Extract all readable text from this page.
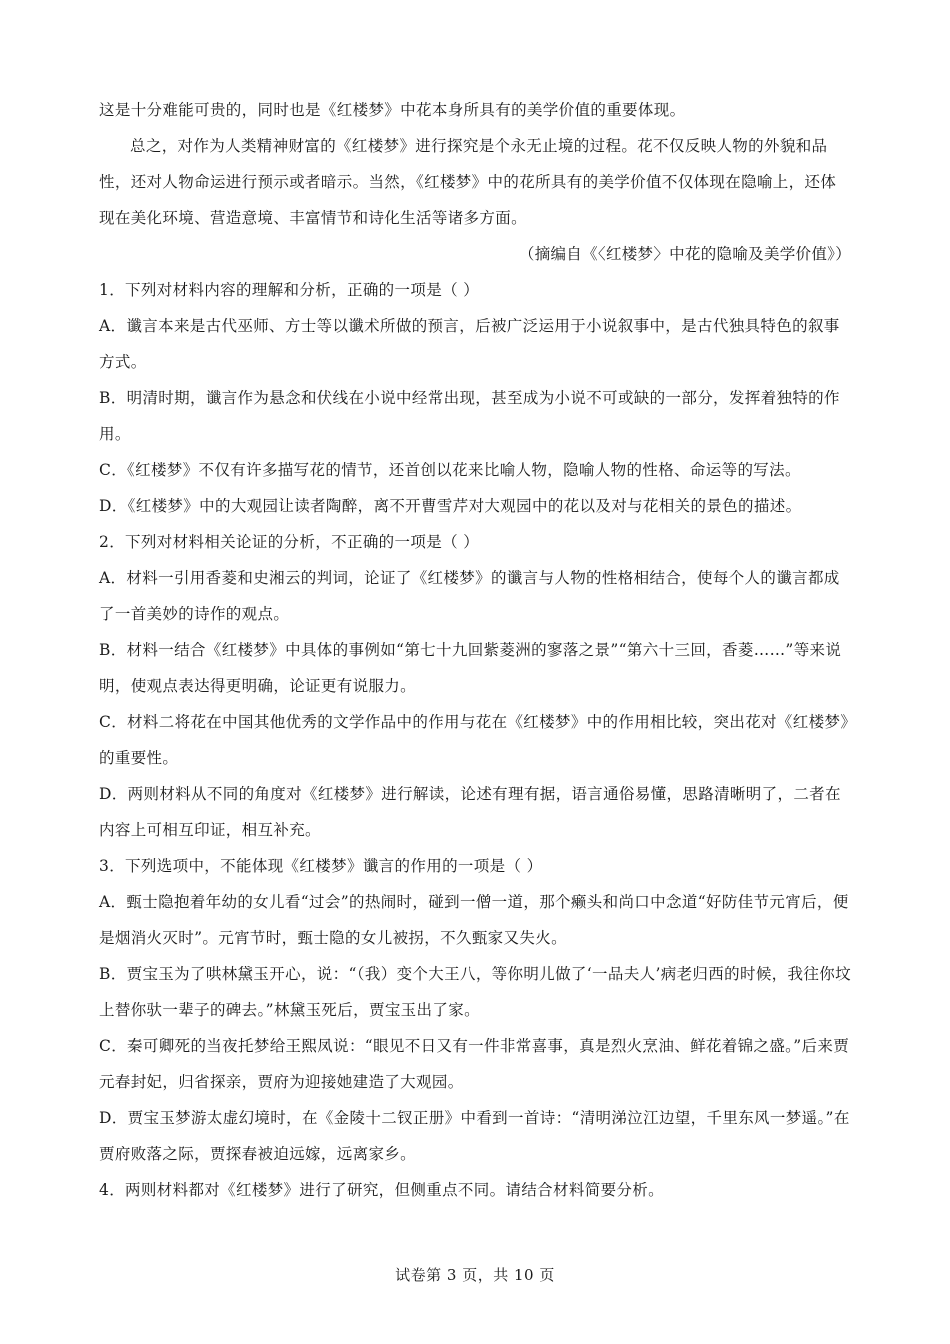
这是十分难能可贵的，同时也是《红楼梦》中花本身所具有的美学价值的重要体现。
总之，对作为人类精神财富的《红楼梦》进行探究是个永无止境的过程。花不仅反映人物的外貌和品性，还对人物命运进行预示或者暗示。当然，《红楼梦》中的花所具有的美学价值不仅体现在隐喻上，还体现在美化环境、营造意境、丰富情节和诗化生活等诸多方面。
（摘编自《〈红楼梦〉中花的隐喻及美学价值》）
1．下列对材料内容的理解和分析，正确的一项是（ ）
A．谶言本来是古代巫师、方士等以谶术所做的预言，后被广泛运用于小说叙事中，是古代独具特色的叙事方式。
B．明清时期，谶言作为悬念和伏线在小说中经常出现，甚至成为小说不可或缺的一部分，发挥着独特的作用。
C．《红楼梦》不仅有许多描写花的情节，还首创以花来比喻人物，隐喻人物的性格、命运等的写法。
D．《红楼梦》中的大观园让读者陶醉，离不开曹雪芹对大观园中的花以及对与花相关的景色的描述。
2．下列对材料相关论证的分析，不正确的一项是（ ）
A．材料一引用香菱和史湘云的判词，论证了《红楼梦》的谶言与人物的性格相结合，使每个人的谶言都成了一首美妙的诗作的观点。
B．材料一结合《红楼梦》中具体的事例如“第七十九回紫菱洲的寥落之景”“第六十三回，香菱……”等来说明，使观点表达得更明确，论证更有说服力。
C．材料二将花在中国其他优秀的文学作品中的作用与花在《红楼梦》中的作用相比较，突出花对《红楼梦》的重要性。
D．两则材料从不同的角度对《红楼梦》进行解读，论述有理有据，语言通俗易懂，思路清晰明了，二者在内容上可相互印证，相互补充。
3．下列选项中，不能体现《红楼梦》谶言的作用的一项是（ ）
A．甄士隐抱着年幼的女儿看“过会”的热闹时，碰到一僧一道，那个癞头和尚口中念道“好防佳节元宵后，便是烟消火灭时”。元宵节时，甄士隐的女儿被拐，不久甄家又失火。
B．贾宝玉为了哄林黛玉开心，说：“（我）变个大王八，等你明儿做了‘一品夫人’病老归西的时候，我往你坟上替你驮一辈子的碑去。”林黛玉死后，贾宝玉出了家。
C．秦可卿死的当夜托梦给王熙凤说：“眼见不日又有一件非常喜事，真是烈火烹油、鲜花着锦之盛。”后来贾元春封妃，归省探亲，贾府为迎接她建造了大观园。
D．贾宝玉梦游太虚幻境时，在《金陵十二钗正册》中看到一首诗：“清明涕泣江边望，千里东风一梦遥。”在贾府败落之际，贾探春被迫远嫁，远离家乡。
4．两则材料都对《红楼梦》进行了研究，但侧重点不同。请结合材料简要分析。
试卷第 3 页，共 10 页
